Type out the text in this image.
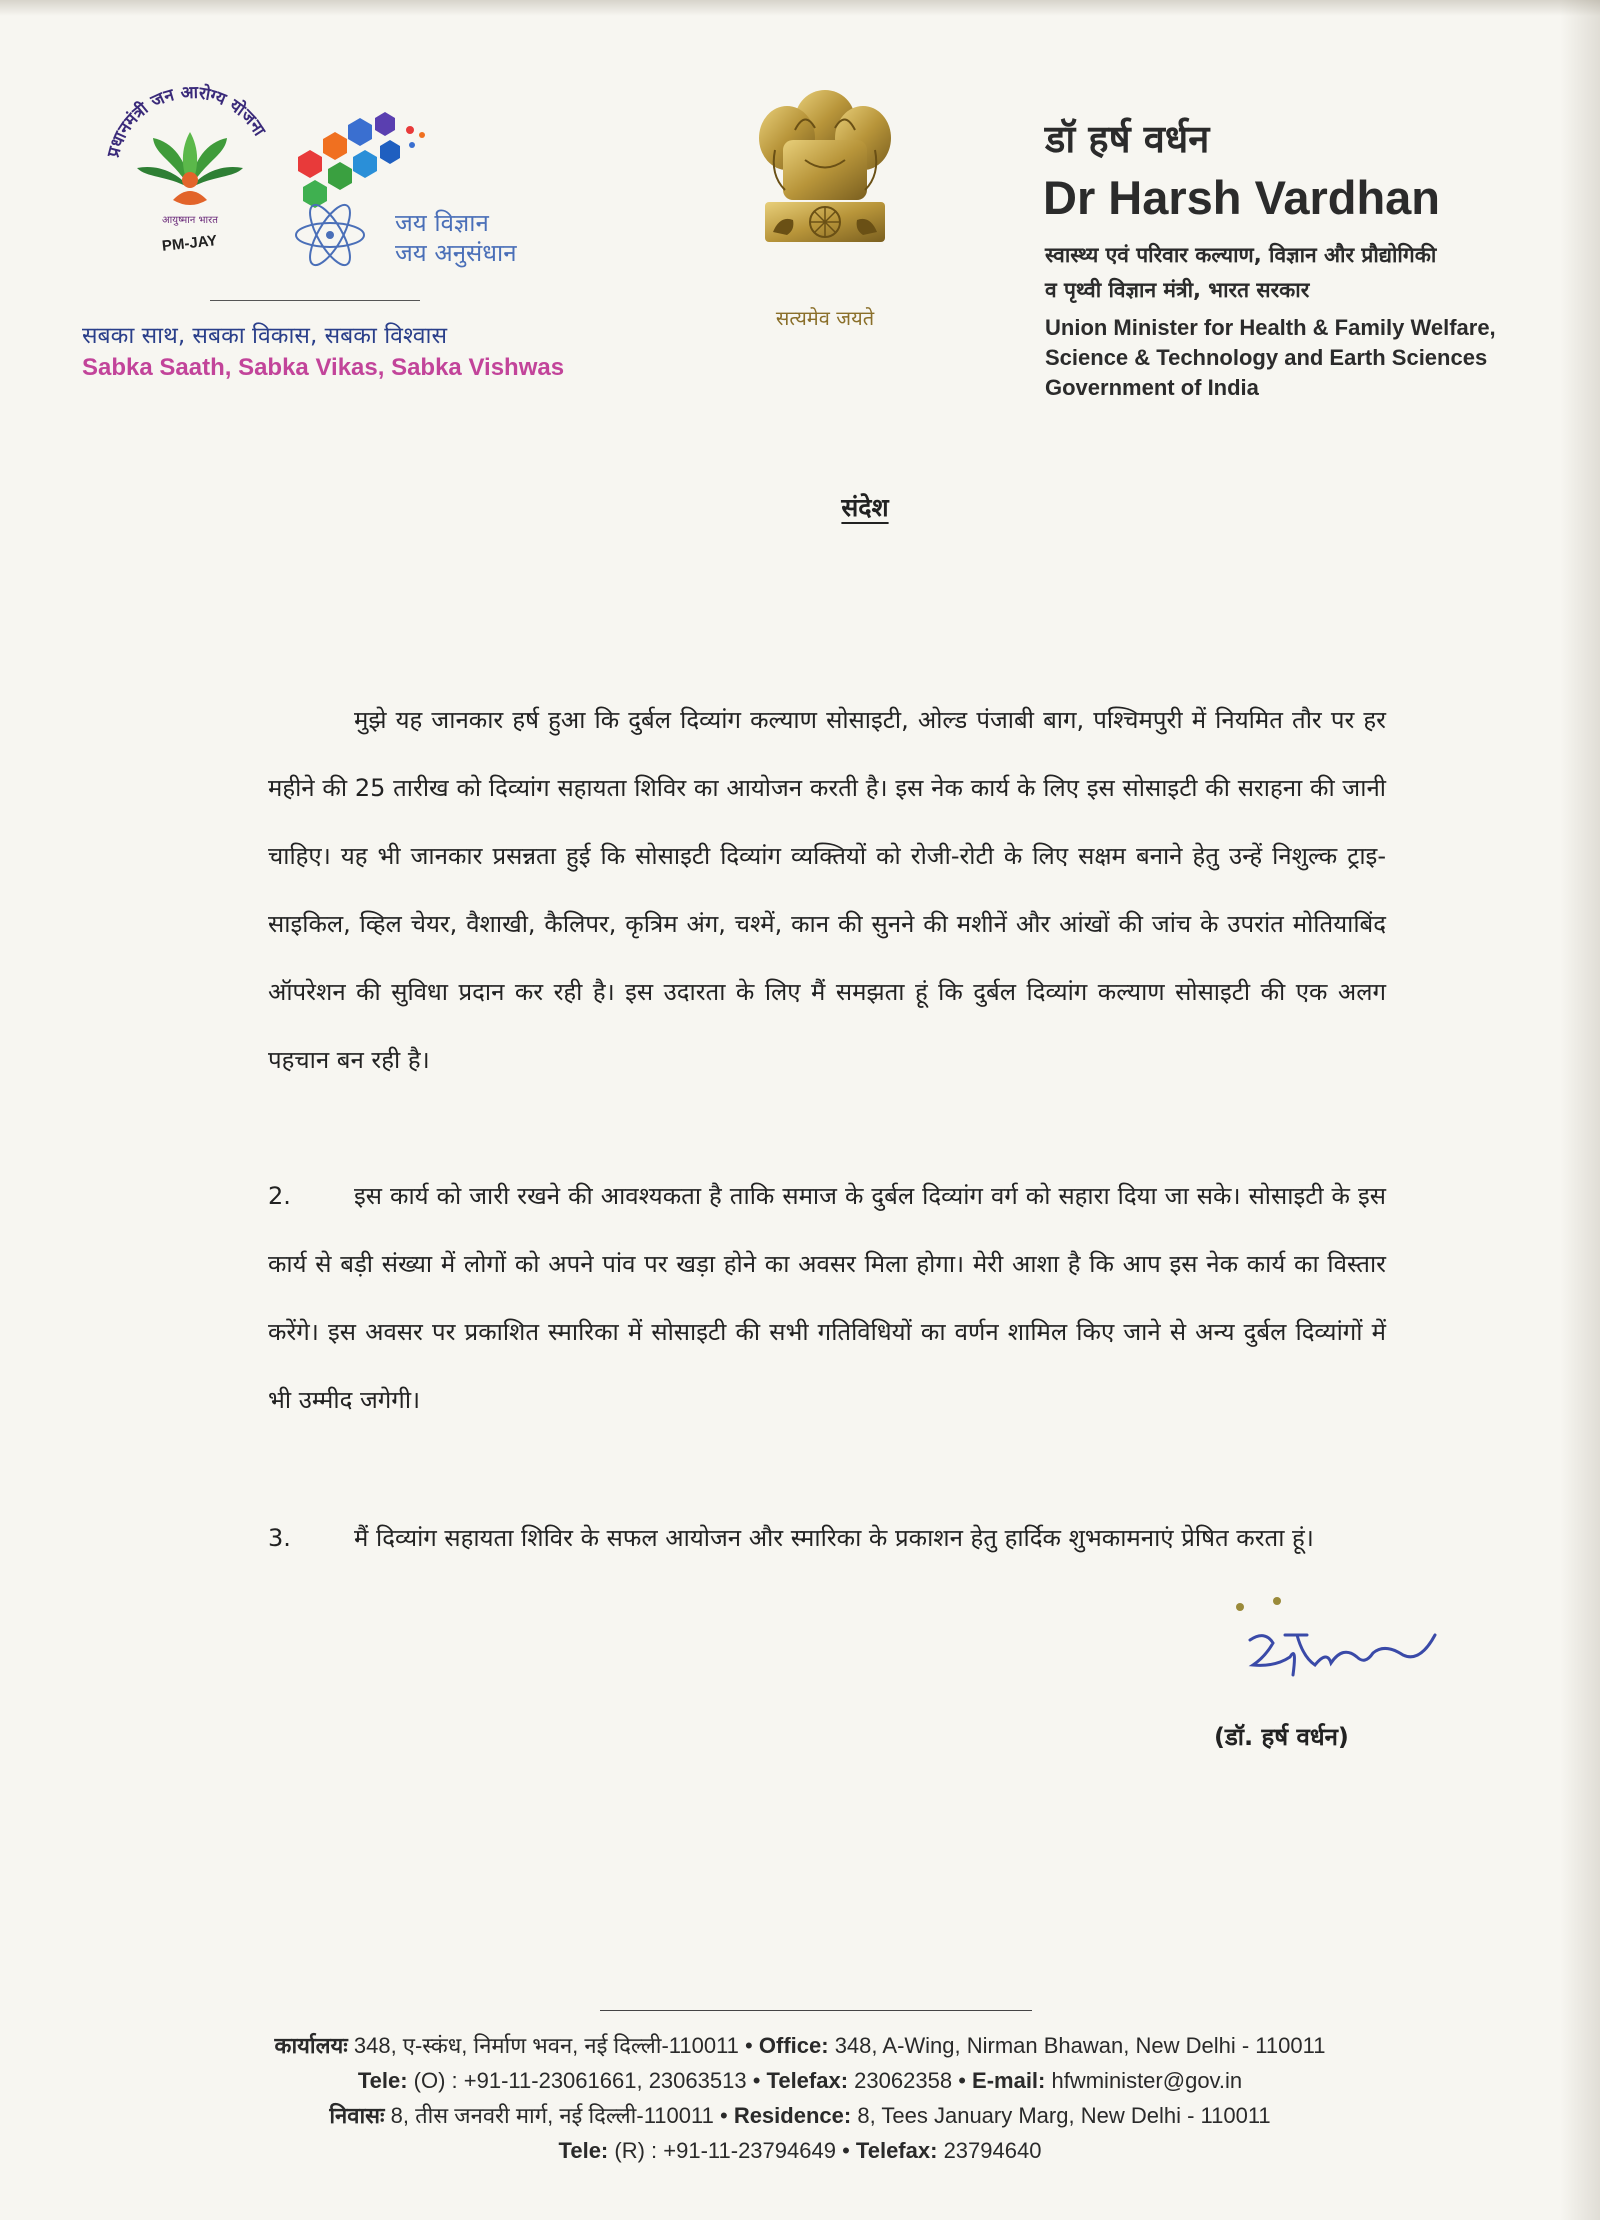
प्रधानमंत्री जन आरोग्य योजना
आयुष्मान भारत
PM-JAY
जय विज्ञान
जय अनुसंधान
सबका साथ, सबका विकास, सबका विश्वास
Sabka Saath, Sabka Vikas, Sabka Vishwas
सत्यमेव जयते
डॉ हर्ष वर्धन
Dr Harsh Vardhan
स्वास्थ्य एवं परिवार कल्याण, विज्ञान और प्रौद्योगिकी
व पृथ्वी विज्ञान मंत्री, भारत सरकार
Union Minister for Health & Family Welfare,
Science & Technology and Earth Sciences
Government of India
संदेश
मुझे यह जानकार हर्ष हुआ कि दुर्बल दिव्यांग कल्याण सोसाइटी, ओल्ड पंजाबी बाग, पश्चिमपुरी में नियमित तौर पर हर महीने की 25 तारीख को दिव्यांग सहायता शिविर का आयोजन करती है। इस नेक कार्य के लिए इस सोसाइटी की सराहना की जानी चाहिए। यह भी जानकार प्रसन्नता हुई कि सोसाइटी दिव्यांग व्यक्तियों को रोजी-रोटी के लिए सक्षम बनाने हेतु उन्हें निशुल्क ट्राइ-साइकिल, व्हिल चेयर, वैशाखी, कैलिपर, कृत्रिम अंग, चश्में, कान की सुनने की मशीनें और आंखों की जांच के उपरांत मोतियाबिंद ऑपरेशन की सुविधा प्रदान कर रही है। इस उदारता के लिए मैं समझता हूं कि दुर्बल दिव्यांग कल्याण सोसाइटी की एक अलग पहचान बन रही है।
2.	इस कार्य को जारी रखने की आवश्यकता है ताकि समाज के दुर्बल दिव्यांग वर्ग को सहारा दिया जा सके। सोसाइटी के इस कार्य से बड़ी संख्या में लोगों को अपने पांव पर खड़ा होने का अवसर मिला होगा। मेरी आशा है कि आप इस नेक कार्य का विस्तार करेंगे। इस अवसर पर प्रकाशित स्मारिका में सोसाइटी की सभी गतिविधियों का वर्णन शामिल किए जाने से अन्य दुर्बल दिव्यांगों में भी उम्मीद जगेगी।
3.	मैं दिव्यांग सहायता शिविर के सफल आयोजन और स्मारिका के प्रकाशन हेतु हार्दिक शुभकामनाएं प्रेषित करता हूं।
(डॉ. हर्ष वर्धन)
कार्यालयः 348, ए-स्कंध, निर्माण भवन, नई दिल्ली-110011 • Office: 348, A-Wing, Nirman Bhawan, New Delhi - 110011
Tele: (O) : +91-11-23061661, 23063513 • Telefax: 23062358 • E-mail: hfwminister@gov.in
निवासः 8, तीस जनवरी मार्ग, नई दिल्ली-110011 • Residence: 8, Tees January Marg, New Delhi - 110011
Tele: (R) : +91-11-23794649 • Telefax: 23794640
